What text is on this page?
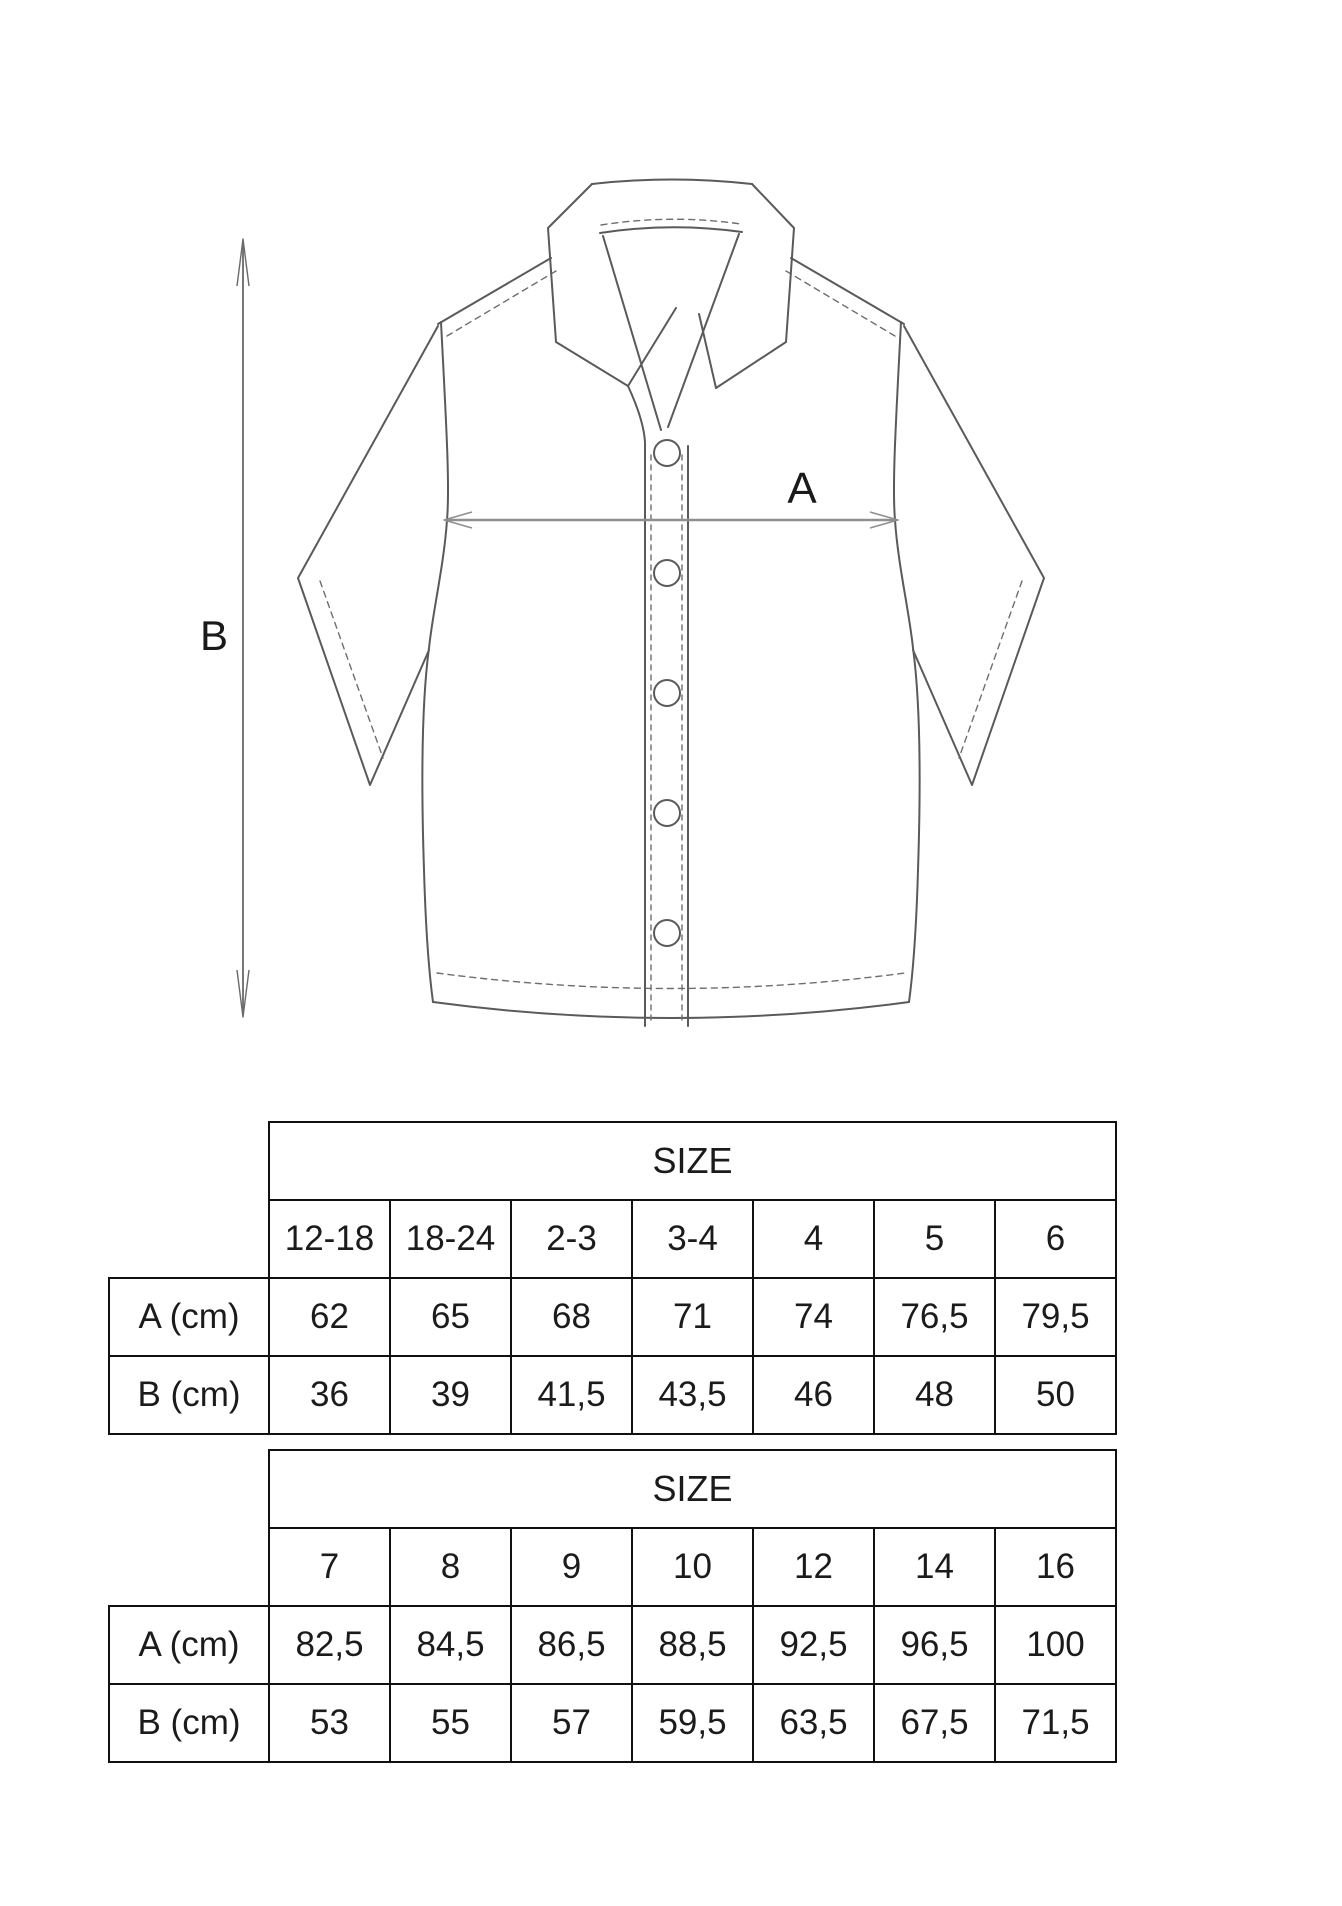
A
B
	SIZE						
	12-18	18-24	2-3	3-4	4	5	6
A (cm)	62	65	68	71	74	76,5	79,5
B (cm)	36	39	41,5	43,5	46	48	50
	SIZE						
	7	8	9	10	12	14	16
A (cm)	82,5	84,5	86,5	88,5	92,5	96,5	100
B (cm)	53	55	57	59,5	63,5	67,5	71,5
